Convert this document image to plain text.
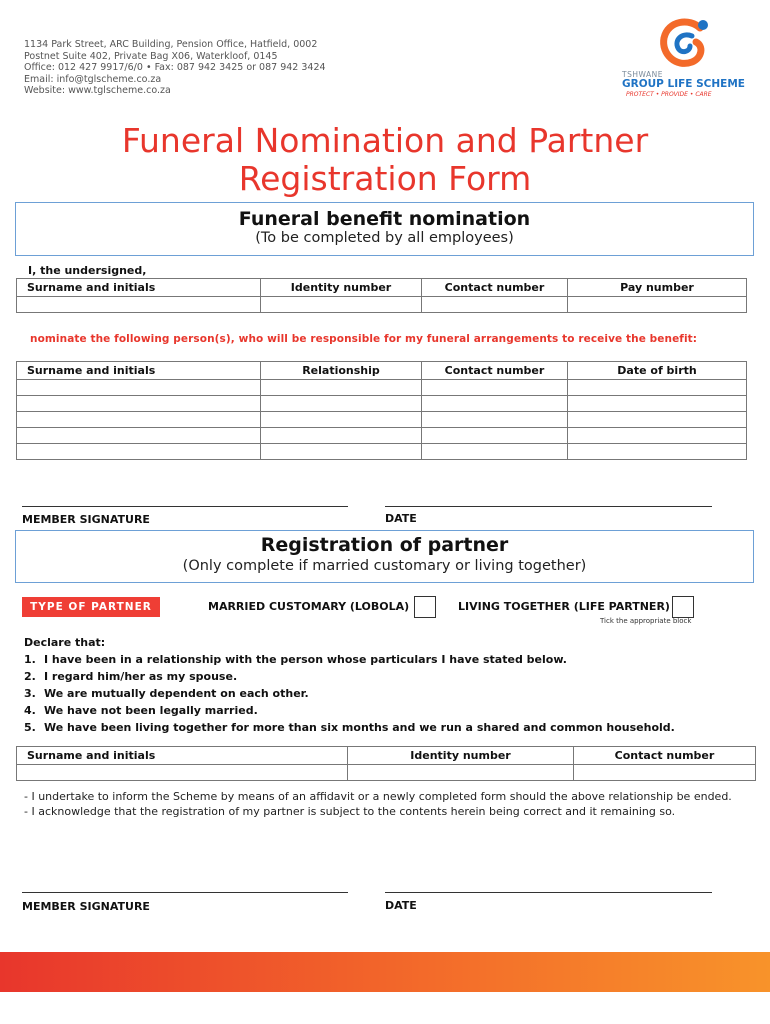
1134 Park Street, ARC Building, Pension Office, Hatfield, 0002
Postnet Suite 402, Private Bag X06, Waterkloof, 0145
Office: 012 427 9917/6/0 • Fax: 087 942 3425 or 087 942 3424
Email: info@tglscheme.co.za
Website: www.tglscheme.co.za
TSHWANE
GROUP LIFE SCHEME
PROTECT • PROVIDE • CARE
Funeral Nomination and Partner
Registration Form
Funeral benefit nomination
(To be completed by all employees)
I, the undersigned,
Surname and initials	Identity number	Contact number	Pay number

nominate the following person(s), who will be responsible for my funeral arrangements to receive the benefit:
Surname and initials	Relationship	Contact number	Date of birth

MEMBER SIGNATURE	DATE
Registration of partner
(Only complete if married customary or living together)
TYPE OF PARTNER	MARRIED CUSTOMARY (LOBOLA)	LIVING TOGETHER (LIFE PARTNER)
Tick the appropriate block
Declare that:
1. I have been in a relationship with the person whose particulars I have stated below.
2. I regard him/her as my spouse.
3. We are mutually dependent on each other.
4. We have not been legally married.
5. We have been living together for more than six months and we run a shared and common household.
Surname and initials	Identity number	Contact number

- I undertake to inform the Scheme by means of an affidavit or a newly completed form should the above relationship be ended.
- I acknowledge that the registration of my partner is subject to the contents herein being correct and it remaining so.
MEMBER SIGNATURE	DATE
